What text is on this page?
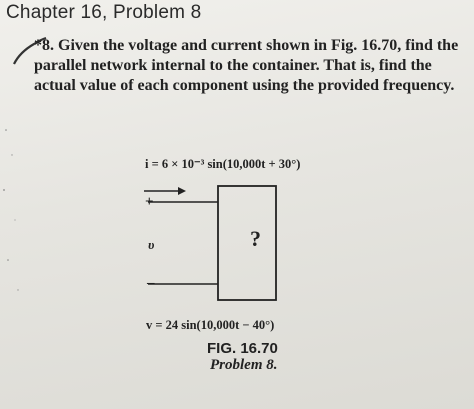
Chapter 16, Problem 8
*8. Given the voltage and current shown in Fig. 16.70, find the parallel network internal to the container. That is, find the actual value of each component using the provided frequency.
i = 6 × 10⁻³ sin(10,000t + 30°)
+
υ
–
?
v = 24 sin(10,000t − 40°)
FIG. 16.70
Problem 8.
